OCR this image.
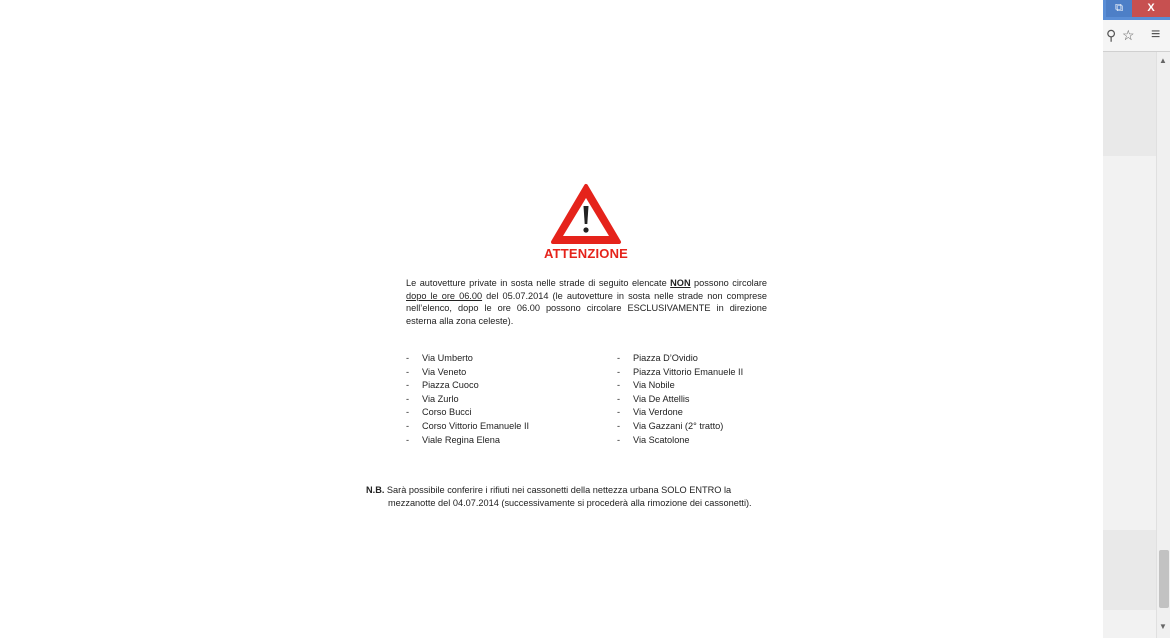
ATTENZIONE
Le autovetture private in sosta nelle strade di seguito elencate NON possono circolare dopo le ore 06.00 del 05.07.2014 (le autovetture in sosta nelle strade non comprese nell’elenco, dopo le ore 06.00 possono circolare ESCLUSIVAMENTE in direzione esterna alla zona celeste).
- Via Umberto
- Via Veneto
- Piazza Cuoco
- Via Zurlo
- Corso Bucci
- Corso Vittorio Emanuele II
- Viale Regina Elena
- Piazza D’Ovidio
- Piazza Vittorio Emanuele II
- Via Nobile
- Via De Attellis
- Via Verdone
- Via Gazzani (2° tratto)
- Via Scatolone
N.B. Sarà possibile conferire i rifiuti nei cassonetti della nettezza urbana SOLO ENTRO la
mezzanotte del 04.07.2014 (successivamente si procederà alla rimozione dei cassonetti).
⧉	X
⚲ ☆ ≡
▲
▼
